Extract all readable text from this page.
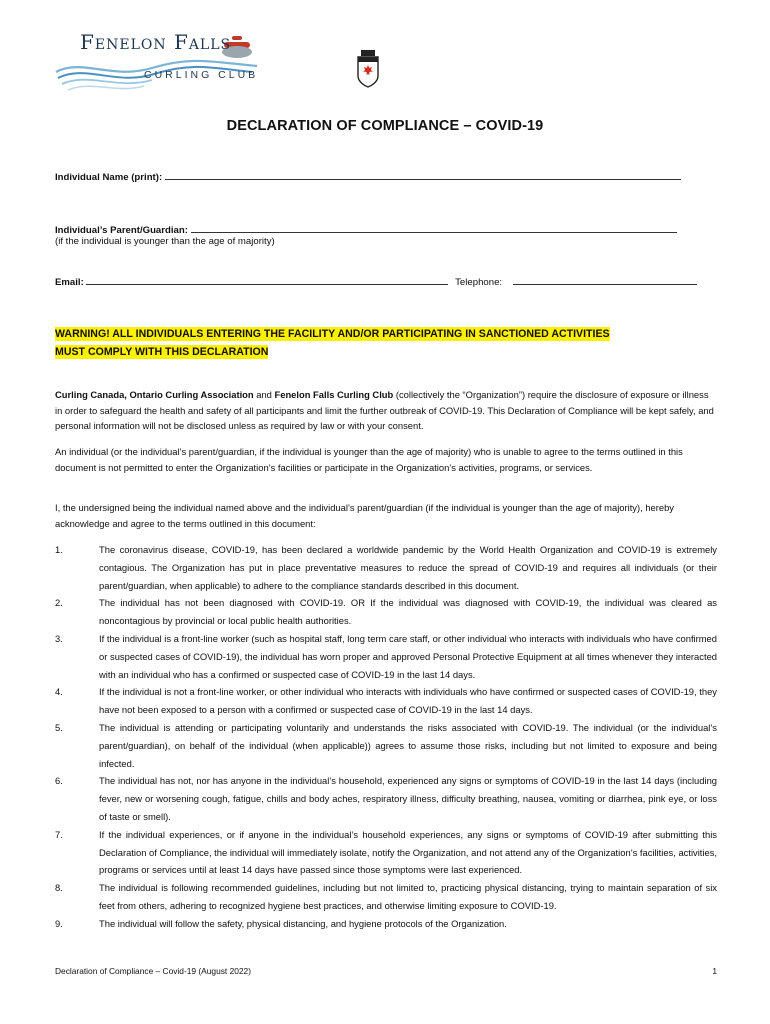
Fenelon Falls
CURLING CLUB
DECLARATION OF COMPLIANCE – COVID-19
Individual Name (print):
Individual’s Parent/Guardian:
(if the individual is younger than the age of majority)
Email:	Telephone:
WARNING! ALL INDIVIDUALS ENTERING THE FACILITY AND/OR PARTICIPATING IN SANCTIONED ACTIVITIES
MUST COMPLY WITH THIS DECLARATION
Curling Canada, Ontario Curling Association and Fenelon Falls Curling Club (collectively the “Organization”) require the disclosure of exposure or illness in order to safeguard the health and safety of all participants and limit the further outbreak of COVID-19. This Declaration of Compliance will be kept safely, and personal information will not be disclosed unless as required by law or with your consent.
An individual (or the individual’s parent/guardian, if the individual is younger than the age of majority) who is unable to agree to the terms outlined in this document is not permitted to enter the Organization’s facilities or participate in the Organization’s activities, programs, or services.
I, the undersigned being the individual named above and the individual’s parent/guardian (if the individual is younger than the age of majority), hereby acknowledge and agree to the terms outlined in this document:
1.	The coronavirus disease, COVID-19, has been declared a worldwide pandemic by the World Health Organization and COVID-19 is extremely contagious. The Organization has put in place preventative measures to reduce the spread of COVID-19 and requires all individuals (or their parent/guardian, when applicable) to adhere to the compliance standards described in this document.
2.	The individual has not been diagnosed with COVID-19. OR If the individual was diagnosed with COVID-19, the individual was cleared as noncontagious by provincial or local public health authorities.
3.	If the individual is a front-line worker (such as hospital staff, long term care staff, or other individual who interacts with individuals who have confirmed or suspected cases of COVID-19), the individual has worn proper and approved Personal Protective Equipment at all times whenever they interacted with an individual who has a confirmed or suspected case of COVID-19 in the last 14 days.
4.	If the individual is not a front-line worker, or other individual who interacts with individuals who have confirmed or suspected cases of COVID-19, they have not been exposed to a person with a confirmed or suspected case of COVID-19 in the last 14 days.
5.	The individual is attending or participating voluntarily and understands the risks associated with COVID-19. The individual (or the individual’s parent/guardian), on behalf of the individual (when applicable)) agrees to assume those risks, including but not limited to exposure and being infected.
6.	The individual has not, nor has anyone in the individual’s household, experienced any signs or symptoms of COVID-19 in the last 14 days (including fever, new or worsening cough, fatigue, chills and body aches, respiratory illness, difficulty breathing, nausea, vomiting or diarrhea, pink eye, or loss of taste or smell).
7.	If the individual experiences, or if anyone in the individual’s household experiences, any signs or symptoms of COVID-19 after submitting this Declaration of Compliance, the individual will immediately isolate, notify the Organization, and not attend any of the Organization’s facilities, activities, programs or services until at least 14 days have passed since those symptoms were last experienced.
8.	The individual is following recommended guidelines, including but not limited to, practicing physical distancing, trying to maintain separation of six feet from others, adhering to recognized hygiene best practices, and otherwise limiting exposure to COVID-19.
9.	The individual will follow the safety, physical distancing, and hygiene protocols of the Organization.
Declaration of Compliance – Covid-19 (August 2022)	1
